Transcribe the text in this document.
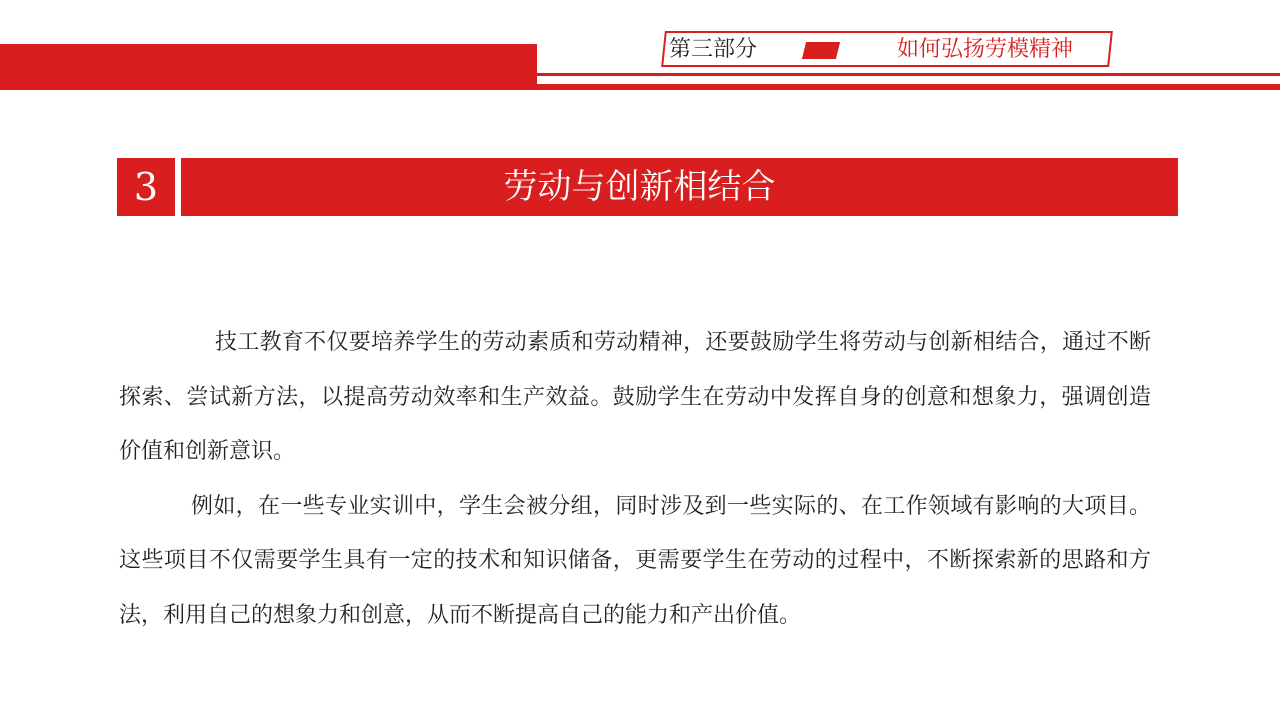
第三部分	如何弘扬劳模精神
3	劳动与创新相结合

技工教育不仅要培养学生的劳动素质和劳动精神，还要鼓励学生将劳动与创新相结合，通过不断探索、尝试新方法，以提高劳动效率和生产效益。鼓励学生在劳动中发挥自身的创意和想象力，强调创造价值和创新意识。

例如，在一些专业实训中，学生会被分组，同时涉及到一些实际的、在工作领域有影响的大项目。这些项目不仅需要学生具有一定的技术和知识储备，更需要学生在劳动的过程中，不断探索新的思路和方法，利用自己的想象力和创意，从而不断提高自己的能力和产出价值。
